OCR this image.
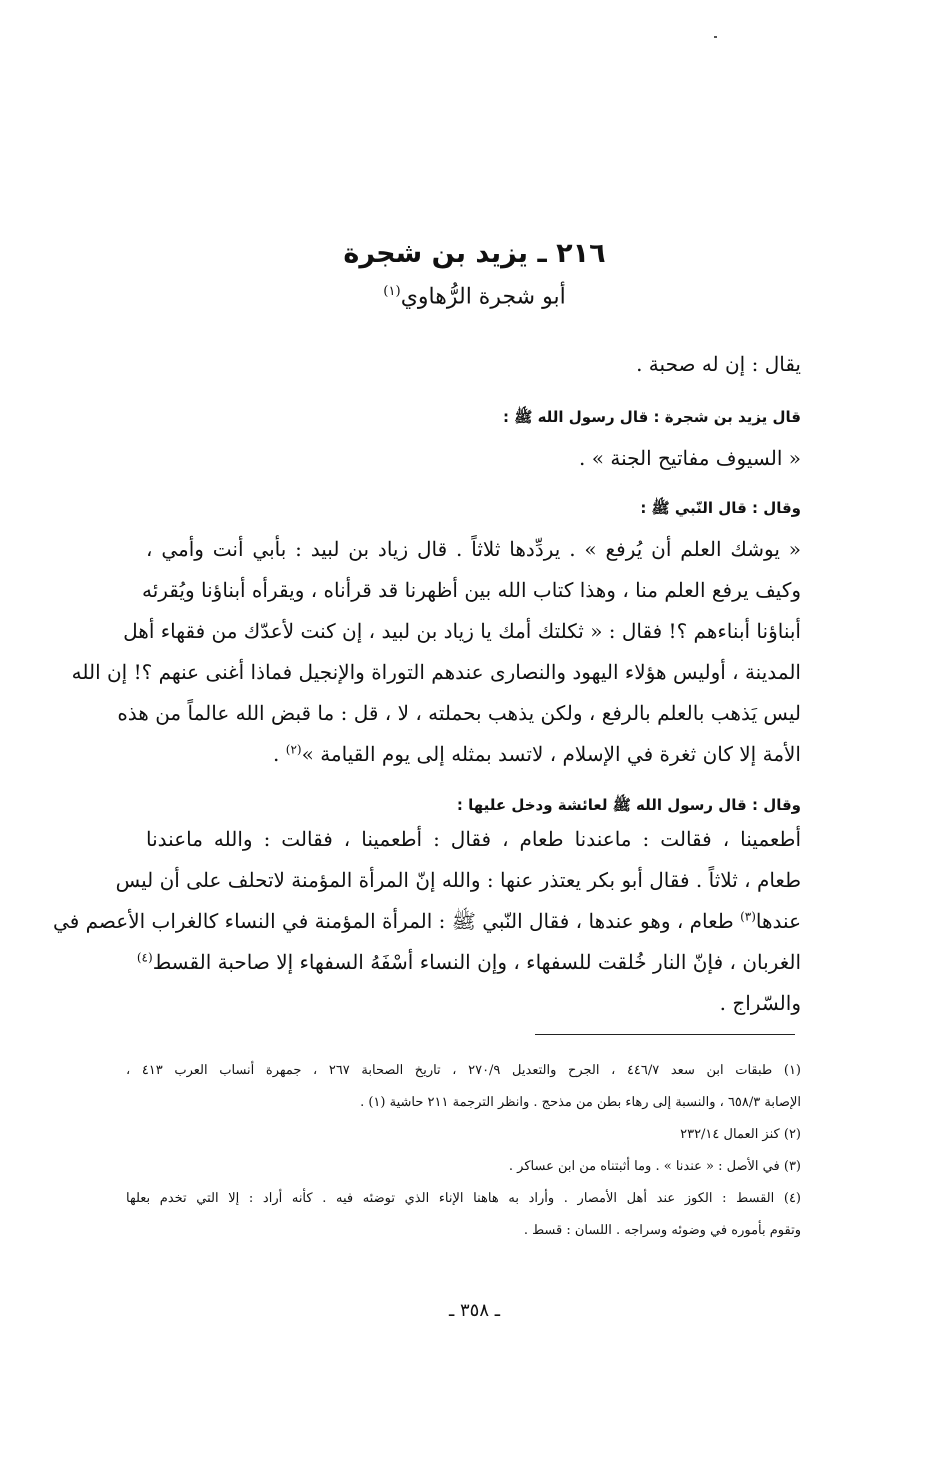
٢١٦ ـ يزيد بن شجرة
أبو شجرة الرُّهاوي$^{(١)}$
يقال : إن له صحبة .
قال يزيد بن شجرة : قال رسول الله ﷺ :
« السيوف مفاتيح الجنة » .
وقال : قال النّبي ﷺ :
« يوشك العلم أن يُرفع » . يردِّدها ثلاثاً . قال زياد بن لبيد : بأبي أنت وأمي ،
وكيف يرفع العلم منا ، وهذا كتاب الله بين أظهرنا قد قرأناه ، ويقرأه أبناؤنا ويُقرئه
أبناؤنا أبناءهم ؟! فقال : « ثكلتك أمك يا زياد بن لبيد ، إن كنت لأعدّك من فقهاء أهل
المدينة ، أوليس هؤلاء اليهود والنصارى عندهم التوراة والإنجيل فماذا أغنى عنهم ؟! إن الله
ليس يَذهب بالعلم بالرفع ، ولكن يذهب بحملته ، لا ، قل : ما قبض الله عالماً من هذه
الأمة إلا كان ثغرة في الإسلام ، لاتسد بمثله إلى يوم القيامة »$^{(٢)}$ .
وقال : قال رسول الله ﷺ لعائشة ودخل عليها :
أطعمينا ، فقالت : ماعندنا طعام ، فقال : أطعمينا ، فقالت : والله ماعندنا
طعام ، ثلاثاً . فقال أبو بكر يعتذر عنها : والله إنّ المرأة المؤمنة لاتحلف على أن ليس
عندها$^{(٣)}$ طعام ، وهو عندها ، فقال النّبي ﷺ : المرأة المؤمنة في النساء كالغراب الأعصم في
الغربان ، فإنّ النار خُلقت للسفهاء ، وإن النساء أسْفَهُ السفهاء إلا صاحبة القسط$^{(٤)}$
والسّراج .
(١) طبقات ابن سعد ٤٤٦/٧ ، الجرح والتعديل ٢٧٠/٩ ، تاريخ الصحابة ٢٦٧ ، جمهرة أنساب العرب ٤١٣ ،
الإصابة ٦٥٨/٣ ، والنسبة إلى رهاء بطن من مذحج . وانظر الترجمة ٢١١ حاشية (١) .
(٢) كنز العمال ٢٣٢/١٤
(٣) في الأصل : « عندنا » . وما أثبتناه من ابن عساكر .
(٤) القسط : الكوز عند أهل الأمصار . وأراد به هاهنا الإناء الذي توضئه فيه . كأنه أراد : إلا التي تخدم بعلها
وتقوم بأموره في وضوئه وسراجه . اللسان : قسط .
ـ ٣٥٨ ـ
